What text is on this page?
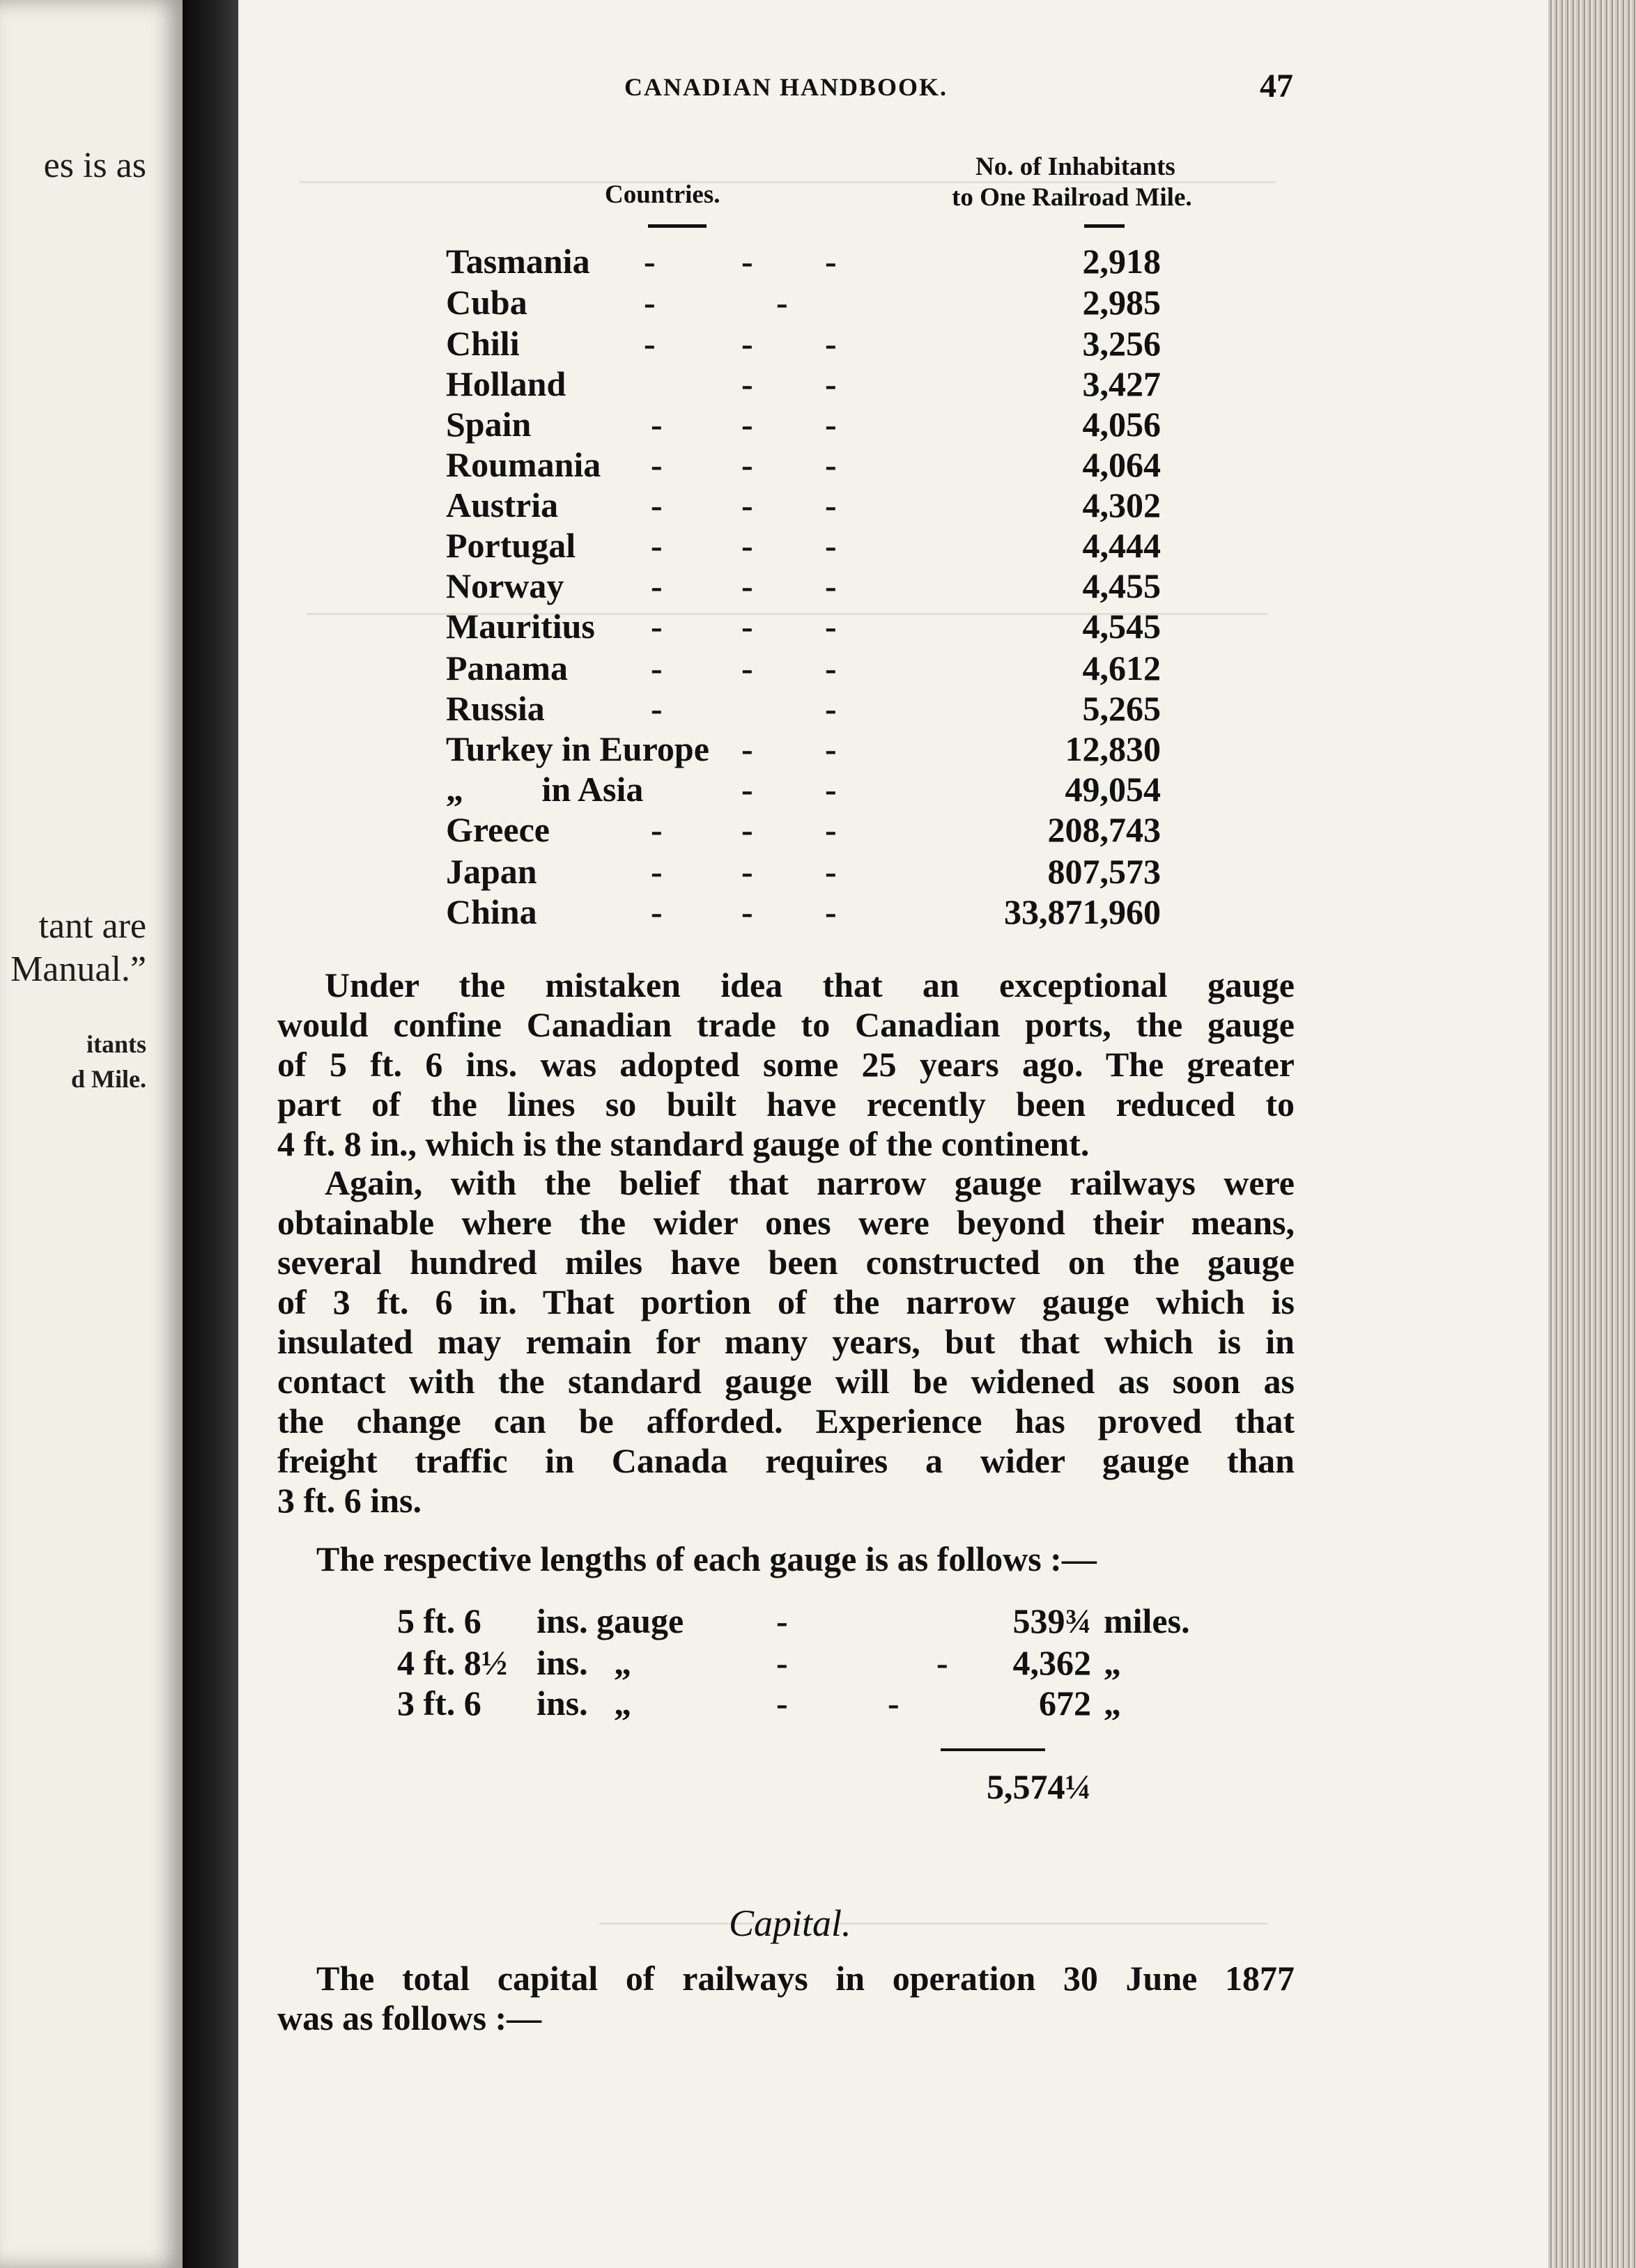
es is as
tant are
Manual.”
itants
d Mile.
CANADIAN HANDBOOK.	47
Countries.
No. of Inhabitants
to One Railroad Mile.
Tasmania - - -	2,918
Cuba	-	-	2,985
Chili	- - -	3,256
Holland	- -	3,427
Spain	- - -	4,056
Roumania - - -	4,064
Austria	- - -	4,302
Portugal - - -	4,444
Norway - - -	4,455
Mauritius - - -	4,545
Panama - - -	4,612
Russia	-	-	5,265
Turkey in Europe - -	12,830
„         in Asia	- -	49,054
Greece	- - -	208,743
Japan	- - -	807,573
China	- - -	33,871,960
Under the mistaken idea that an exceptional gauge
would confine Canadian trade to Canadian ports, the gauge
of 5 ft. 6 ins. was adopted some 25 years ago. The greater
part of the lines so built have recently been reduced to
4 ft. 8 in., which is the standard gauge of the continent.
Again, with the belief that narrow gauge railways were
obtainable where the wider ones were beyond their means,
several hundred miles have been constructed on the gauge
of 3 ft. 6 in. That portion of the narrow gauge which is
insulated may remain for many years, but that which is in
contact with the standard gauge will be widened as soon as
the change can be afforded. Experience has proved that
freight traffic in Canada requires a wider gauge than
3 ft. 6 ins.
The respective lengths of each gauge is as follows :—
5 ft. 6 ins. gauge	-	539¾ miles.
4 ft. 8½ ins.   „	-	-	4,362 „
3 ft. 6 ins.   „	-	-	672 „
5,574¼
Capital.
The total capital of railways in operation 30 June 1877
was as follows :—
